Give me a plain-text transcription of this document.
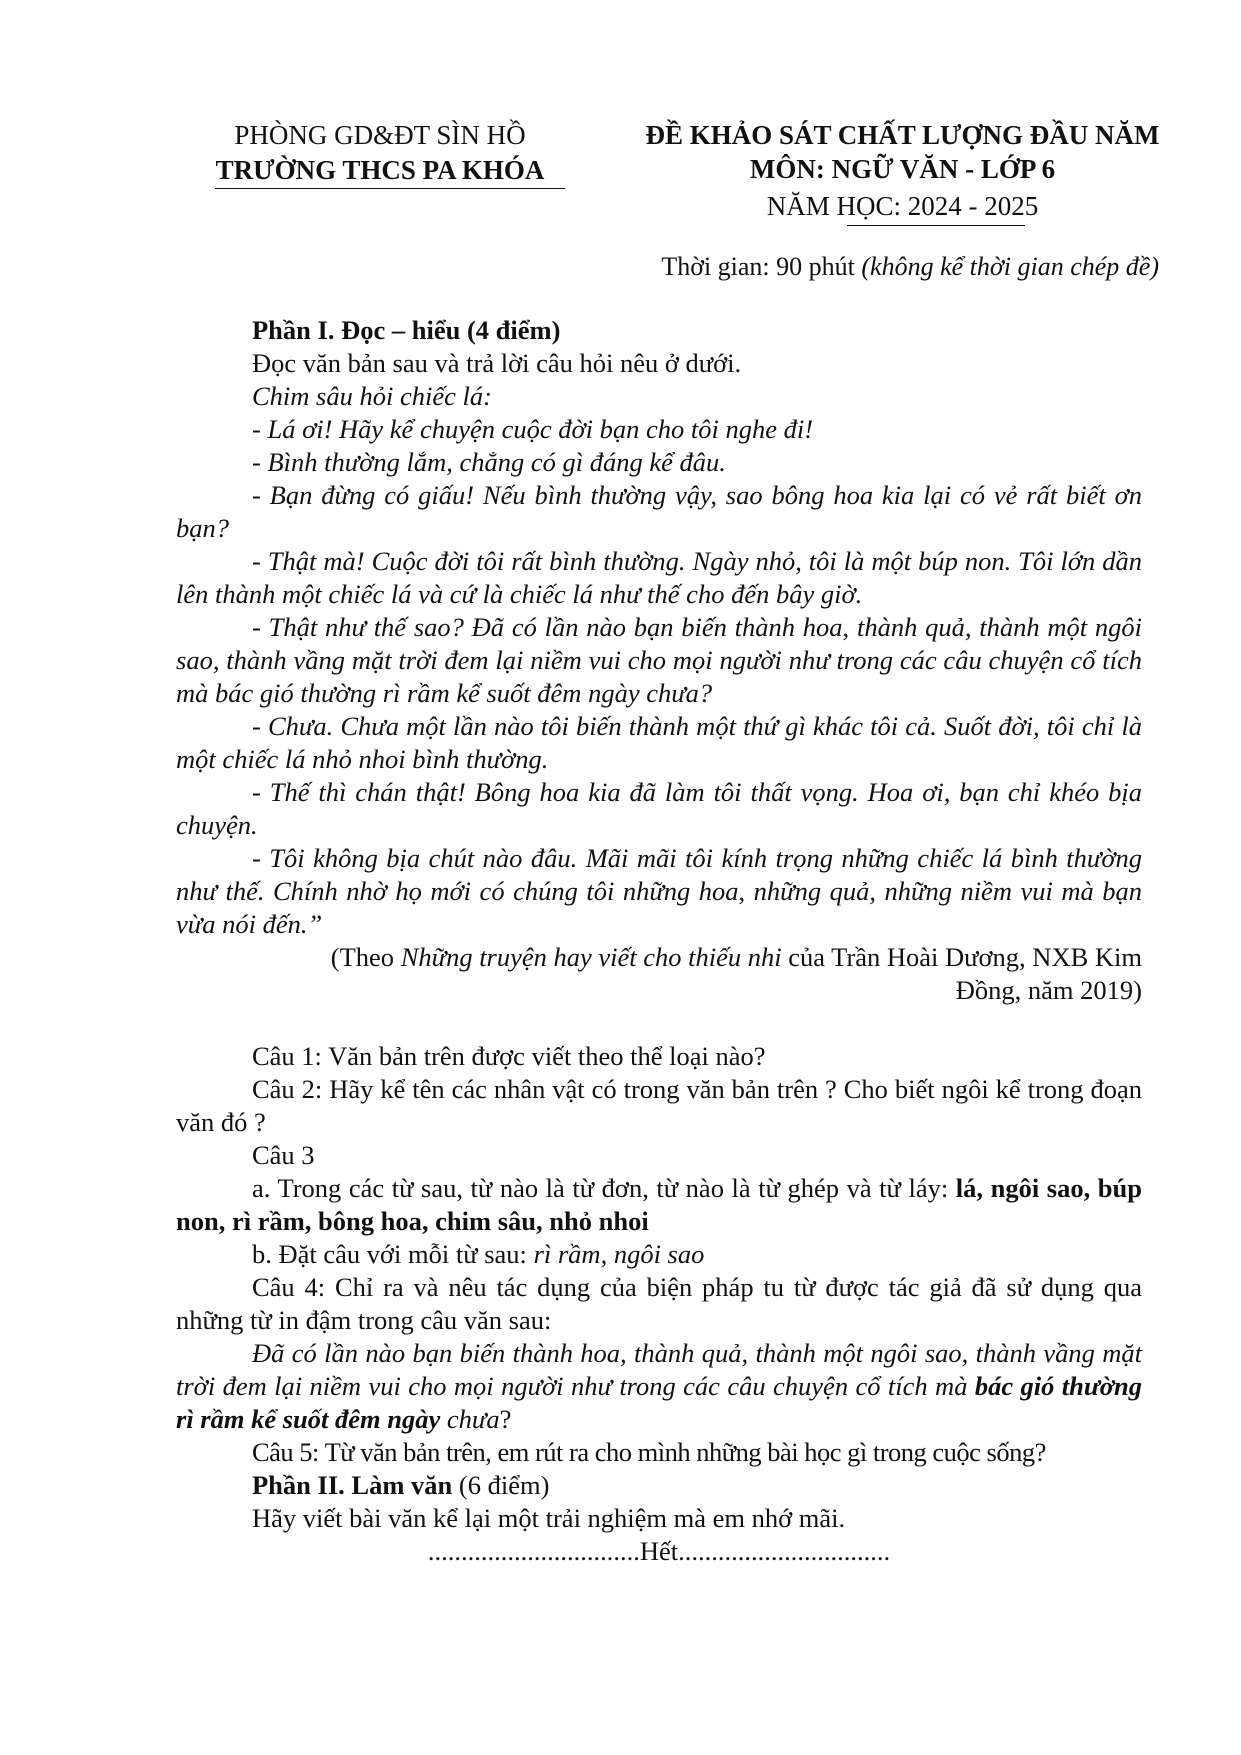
PHÒNG GD&ĐT SÌN HỒ
TRƯỜNG THCS PA KHÓA
ĐỀ KHẢO SÁT CHẤT LƯỢNG ĐẦU NĂM
MÔN: NGỮ VĂN - LỚP 6
NĂM HỌC: 2024 - 2025
Thời gian: 90 phút (không kể thời gian chép đề)

Phần I. Đọc – hiểu (4 điểm)

Đọc văn bản sau và trả lời câu hỏi nêu ở dưới.

Chim sâu hỏi chiếc lá:

- Lá ơi! Hãy kể chuyện cuộc đời bạn cho tôi nghe đi!

- Bình thường lắm, chẳng có gì đáng kể đâu.

- Bạn đừng có giấu! Nếu bình thường vậy, sao bông hoa kia lại có vẻ rất biết ơn bạn?

- Thật mà! Cuộc đời tôi rất bình thường. Ngày nhỏ, tôi là một búp non. Tôi lớn dần lên thành một chiếc lá và cứ là chiếc lá như thế cho đến bây giờ.

- Thật như thế sao? Đã có lần nào bạn biến thành hoa, thành quả, thành một ngôi sao, thành vầng mặt trời đem lại niềm vui cho mọi người như trong các câu chuyện cổ tích mà bác gió thường rì rầm kể suốt đêm ngày chưa?

- Chưa. Chưa một lần nào tôi biến thành một thứ gì khác tôi cả. Suốt đời, tôi chỉ là một chiếc lá nhỏ nhoi bình thường.

- Thế thì chán thật! Bông hoa kia đã làm tôi thất vọng. Hoa ơi, bạn chỉ khéo bịa chuyện.

- Tôi không bịa chút nào đâu. Mãi mãi tôi kính trọng những chiếc lá bình thường như thế. Chính nhờ họ mới có chúng tôi những hoa, những quả, những niềm vui mà bạn vừa nói đến.”

(Theo Những truyện hay viết cho thiếu nhi của Trần Hoài Dương, NXB Kim

Đồng, năm 2019)

Câu 1: Văn bản trên được viết theo thể loại nào?

Câu 2: Hãy kể tên các nhân vật có trong văn bản trên ? Cho biết ngôi kể trong đoạn văn đó ?

Câu 3

a. Trong các từ sau, từ nào là từ đơn, từ nào là từ ghép và từ láy: lá, ngôi sao, búp non, rì rầm, bông hoa, chim sâu, nhỏ nhoi

b. Đặt câu với mỗi từ sau: rì rầm, ngôi sao

Câu 4: Chỉ ra và nêu tác dụng của biện pháp tu từ được tác giả đã sử dụng qua những từ in đậm trong câu văn sau:

Đã có lần nào bạn biến thành hoa, thành quả, thành một ngôi sao, thành vầng mặt trời đem lại niềm vui cho mọi người như trong các câu chuyện cổ tích mà bác gió thường rì rầm kể suốt đêm ngày chưa?

Câu 5: Từ văn bản trên, em rút ra cho mình những bài học gì trong cuộc sống?

Phần II. Làm văn (6 điểm)

Hãy viết bài văn kể lại một trải nghiệm mà em nhớ mãi.

................................Hết................................
